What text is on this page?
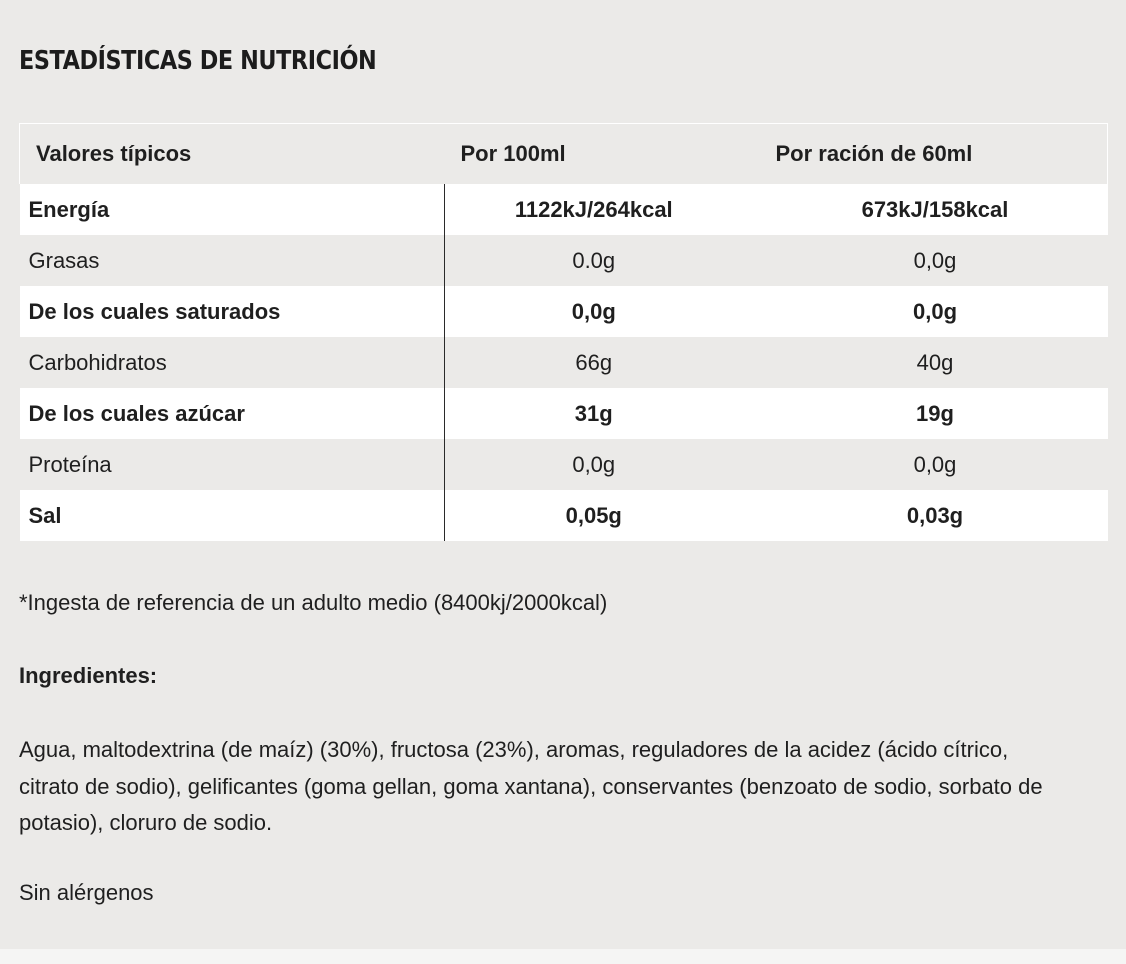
ESTADÍSTICAS DE NUTRICIÓN
Valores típicos	Por 100ml	Por ración de 60ml
Energía	1122kJ/264kcal	673kJ/158kcal
Grasas	0.0g	0,0g
De los cuales saturados	0,0g	0,0g
Carbohidratos	66g	40g
De los cuales azúcar	31g	19g
Proteína	0,0g	0,0g
Sal	0,05g	0,03g

*Ingesta de referencia de un adulto medio (8400kj/2000kcal)

Ingredientes:

Agua, maltodextrina (de maíz) (30%), fructosa (23%), aromas, reguladores de la acidez (ácido cítrico, citrato de sodio), gelificantes (goma gellan, goma xantana), conservantes (benzoato de sodio, sorbato de potasio), cloruro de sodio.

Sin alérgenos
